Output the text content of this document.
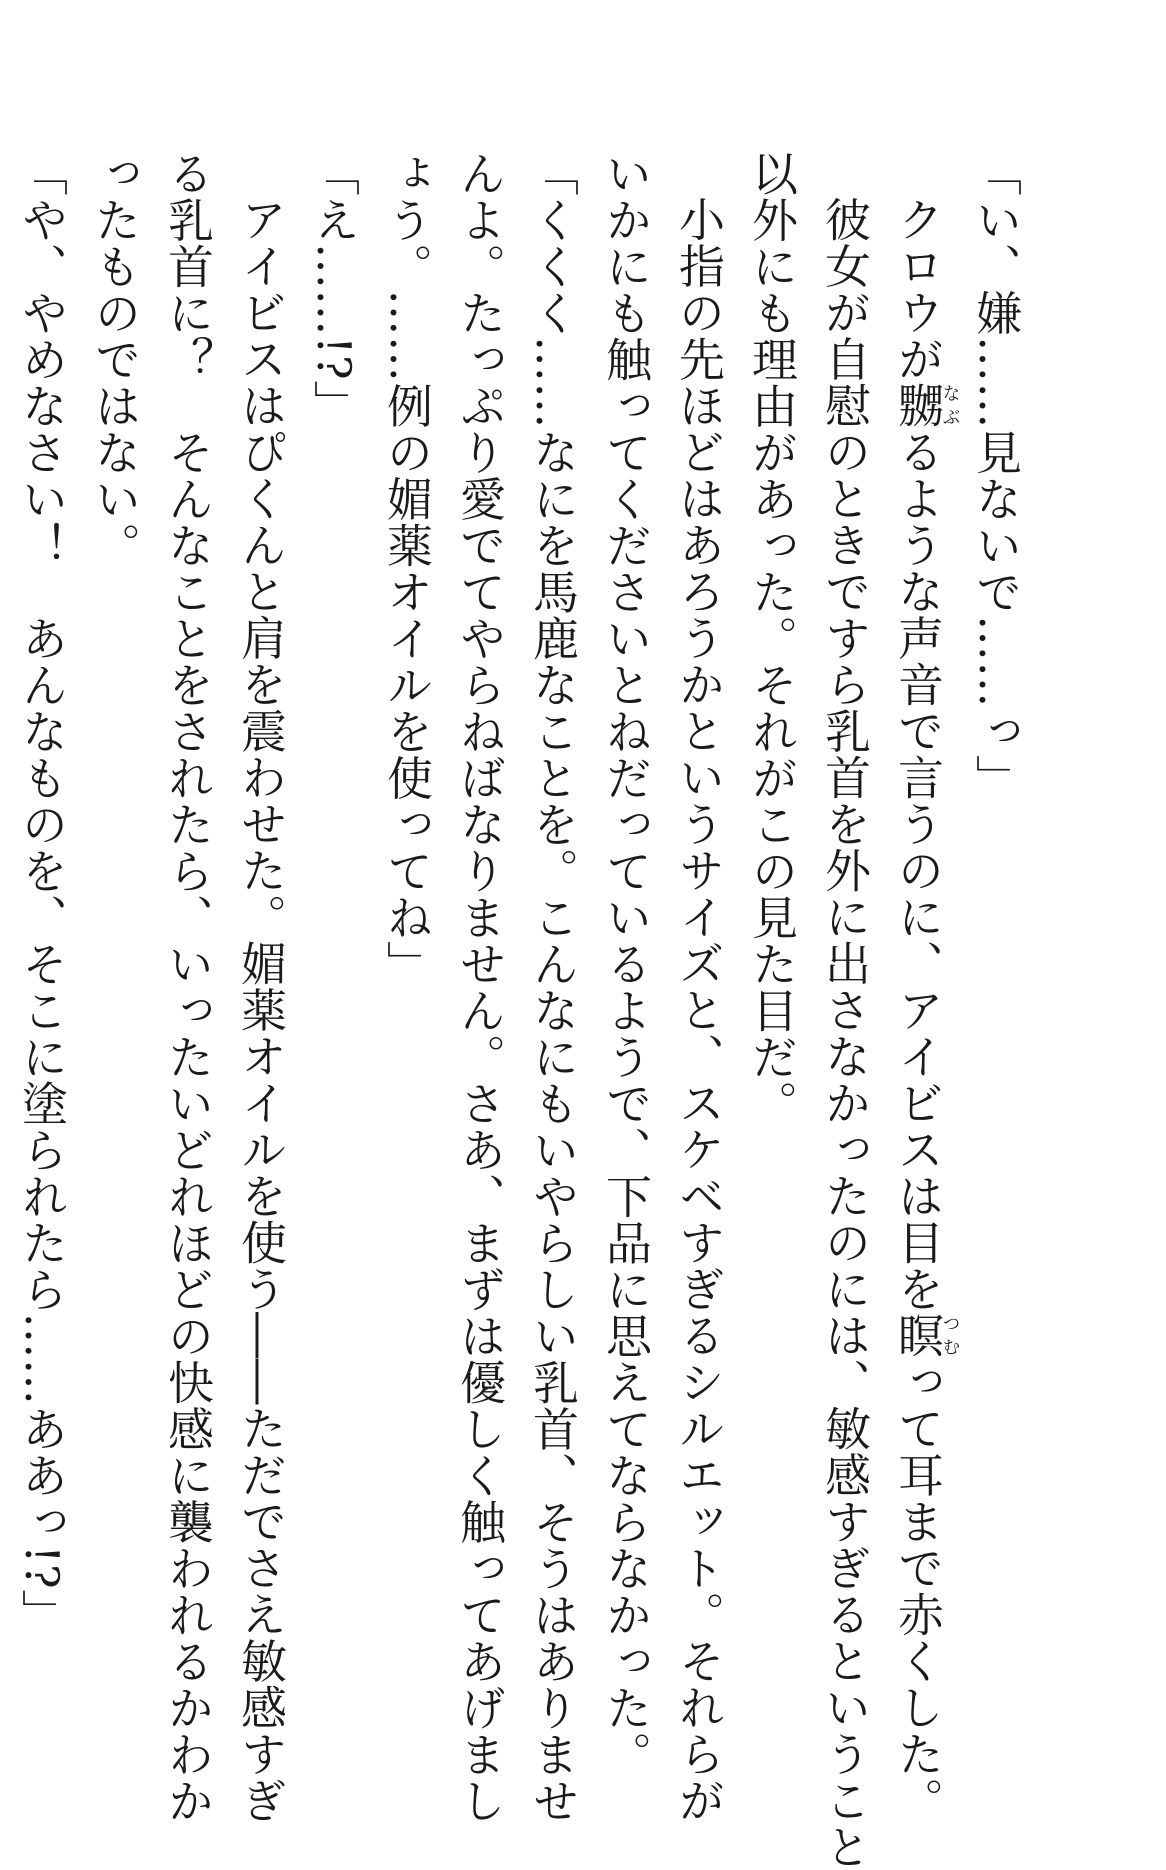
「い、嫌……見ないで……っ」
クロウが嬲なぶるような声音で言うのに、アイビスは目を瞑つむって耳まで赤くした。
彼女が自慰のときですら乳首を外に出さなかったのには、敏感すぎるということ
以外にも理由があった。それがこの見た目だ。
小指の先ほどはあろうかというサイズと、スケベすぎるシルエット。それらが
いかにも触ってくださいとねだっているようで、下品に思えてならなかった。
「くくく……なにを馬鹿なことを。こんなにもいやらしい乳首、そうはありませ
んよ。たっぷり愛でてやらねばなりません。さあ、まずは優しく触ってあげまし
ょう。……例の媚薬オイルを使ってね」
「え……!?」
アイビスはぴくんと肩を震わせた。媚薬オイルを使う――ただでさえ敏感すぎ
る乳首に？　そんなことをされたら、いったいどれほどの快感に襲われるかわか
ったものではない。
「や、やめなさい！　あんなものを、そこに塗られたら……ああっ!?」
